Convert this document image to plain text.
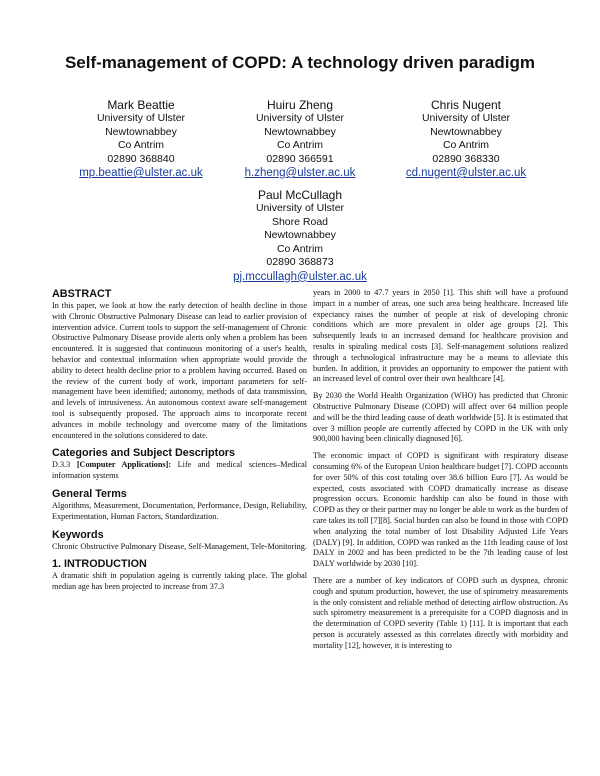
Self-management of COPD: A technology driven paradigm
Mark Beattie
University of Ulster
Newtownabbey
Co Antrim
02890 368840
mp.beattie@ulster.ac.uk
Huiru Zheng
University of Ulster
Newtownabbey
Co Antrim
02890 366591
h.zheng@ulster.ac.uk
Chris Nugent
University of Ulster
Newtownabbey
Co Antrim
02890 368330
cd.nugent@ulster.ac.uk
Paul McCullagh
University of Ulster
Shore Road
Newtownabbey
Co Antrim
02890 368873
pj.mccullagh@ulster.ac.uk
ABSTRACT

In this paper, we look at how the early detection of health decline in those with Chronic Obstructive Pulmonary Disease can lead to earlier provision of intervention advice. Current tools to support the self-management of Chronic Obstructive Pulmonary Disease provide alerts only when a problem has been encountered. It is suggested that continuous monitoring of a user's health, behavior and contextual information when appropriate would provide the ability to detect health decline prior to a problem having occurred. Based on the review of the current body of work, important parameters for self-management have been identified; autonomy, methods of data transmission, and levels of intrusiveness. An autonomous context aware self-management tool is subsequently proposed. The approach aims to incorporate recent advances in mobile technology and overcome many of the limitations encountered in the solutions considered to date.

Categories and Subject Descriptors

D.3.3 [Computer Applications]: Life and medical sciences–Medical information systems

General Terms

Algorithms, Measurement, Documentation, Performance, Design, Reliability, Experimentation, Human Factors, Standardization.

Keywords

Chronic Obstructive Pulmonary Disease, Self-Management, Tele-Monitoring.

1. INTRODUCTION

A dramatic shift in population ageing is currently taking place. The global median age has been projected to increase from 37.3

years in 2000 to 47.7 years in 2050 [1]. This shift will have a profound impact in a number of areas, one such area being healthcare. Increased life expectancy raises the number of people at risk of developing chronic conditions which are more prevalent in older age groups [2]. This subsequently leads to an increased demand for healthcare provision and results in spiraling medical costs [3]. Self-management solutions realized through a technological infrastructure may be a means to alleviate this burden. In addition, it provides an opportunity to empower the patient with an increased level of control over their own healthcare [4].

By 2030 the World Health Organization (WHO) has predicted that Chronic Obstructive Pulmonary Disease (COPD) will affect over 64 million people and will be the third leading cause of death worldwide [5]. It is estimated that over 3 million people are currently affected by COPD in the UK with only 900,000 having been clinically diagnosed [6].

The economic impact of COPD is significant with respiratory disease consuming 6% of the European Union healthcare budget [7]. COPD accounts for over 50% of this cost totaling over 38.6 billion Euro [7]. As would be expected, costs associated with COPD dramatically increase as disease progression occurs. Economic hardship can also be found in those with COPD as they or their partner may no longer be able to work as the burden of care takes its toll [7][8]. Social burden can also be found in those with COPD when analyzing the total number of lost Disability Adjusted Life Years (DALY) [9]. In addition, COPD was ranked as the 11th leading cause of lost DALY in 2002 and has been predicted to be the 7th leading cause of lost DALY worldwide by 2030 [10].

There are a number of key indicators of COPD such as dyspnea, chronic cough and sputum production, however, the use of spirometry measurements is the only consistent and reliable method of detecting airflow obstruction. As such spirometry measurement is a prerequisite for a COPD diagnosis and in the determination of COPD severity (Table 1) [11]. It is important that each person is accurately assessed as this correlates directly with morbidity and mortality [12], however, it is interesting to
